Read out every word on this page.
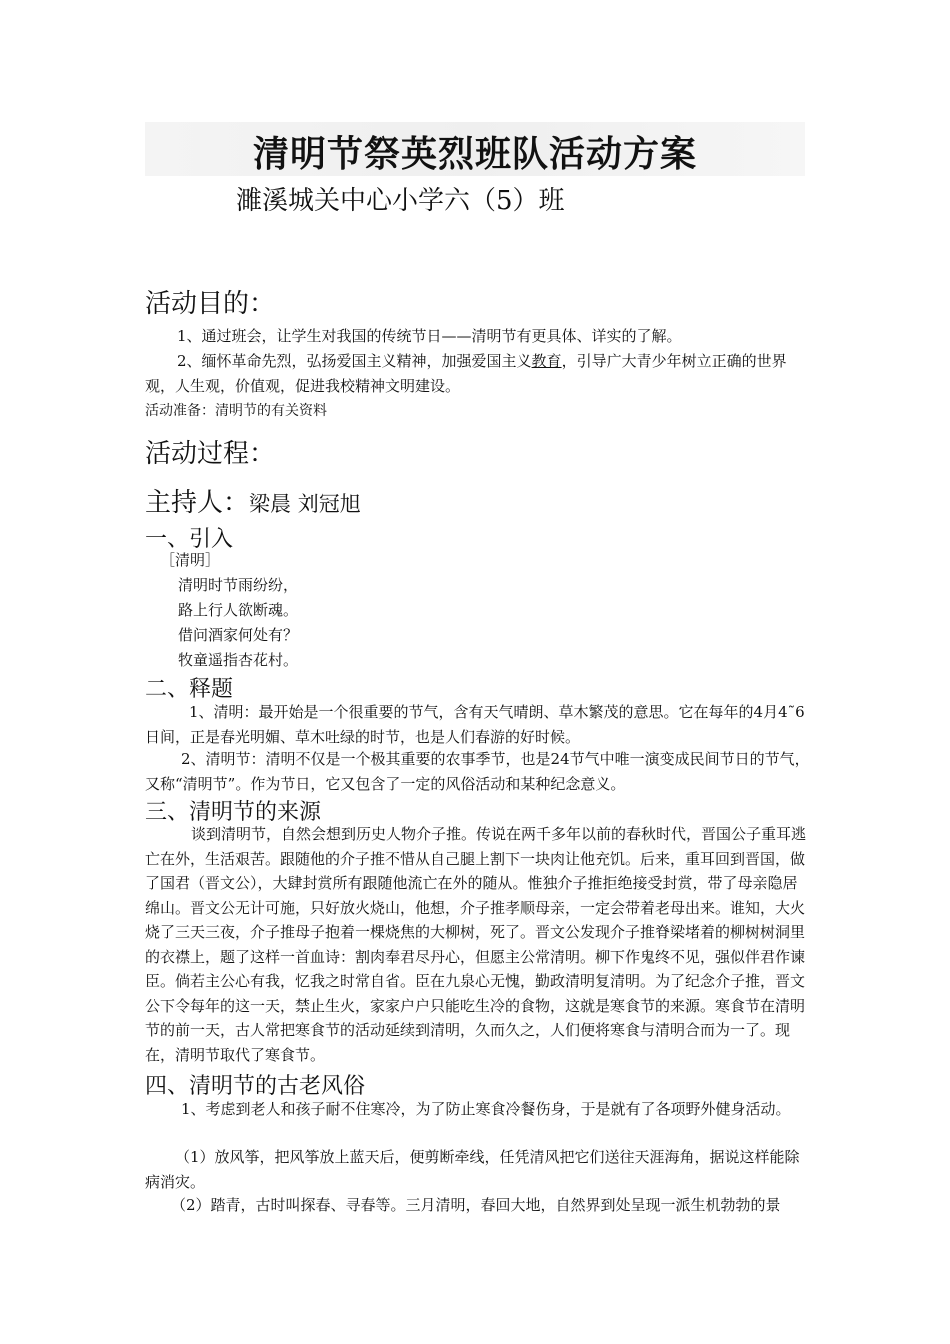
清明节祭英烈班队活动方案
濉溪城关中心小学六（5）班
活动目的：
1、通过班会，让学生对我国的传统节日——清明节有更具体、详实的了解。
2、缅怀革命先烈，弘扬爱国主义精神，加强爱国主义教育，引导广大青少年树立正确的世界观，人生观，价值观，促进我校精神文明建设。
活动准备：清明节的有关资料
活动过程：
主持人：梁晨 刘冠旭
一、引入
［清明］
清明时节雨纷纷，
路上行人欲断魂。
借问酒家何处有？
牧童遥指杏花村。
二、释题
1、清明：最开始是一个很重要的节气，含有天气晴朗、草木繁茂的意思。它在每年的4月4˜6日间，正是春光明媚、草木吐绿的时节，也是人们春游的好时候。
2、清明节：清明不仅是一个极其重要的农事季节，也是24节气中唯一演变成民间节日的节气，又称“清明节”。作为节日，它又包含了一定的风俗活动和某种纪念意义。
三、清明节的来源
谈到清明节，自然会想到历史人物介子推。传说在两千多年以前的春秋时代，晋国公子重耳逃亡在外，生活艰苦。跟随他的介子推不惜从自己腿上割下一块肉让他充饥。后来，重耳回到晋国，做了国君（晋文公），大肆封赏所有跟随他流亡在外的随从。惟独介子推拒绝接受封赏，带了母亲隐居绵山。晋文公无计可施，只好放火烧山，他想，介子推孝顺母亲，一定会带着老母出来。谁知，大火烧了三天三夜，介子推母子抱着一棵烧焦的大柳树，死了。晋文公发现介子推脊梁堵着的柳树树洞里的衣襟上，题了这样一首血诗：割肉奉君尽丹心，但愿主公常清明。柳下作鬼终不见，强似伴君作谏臣。倘若主公心有我，忆我之时常自省。臣在九泉心无愧，勤政清明复清明。为了纪念介子推，晋文公下令每年的这一天，禁止生火，家家户户只能吃生冷的食物，这就是寒食节的来源。寒食节在清明节的前一天，古人常把寒食节的活动延续到清明，久而久之，人们便将寒食与清明合而为一了。现在，清明节取代了寒食节。
四、清明节的古老风俗
1、考虑到老人和孩子耐不住寒冷，为了防止寒食冷餐伤身，于是就有了各项野外健身活动。
（1）放风筝，把风筝放上蓝天后，便剪断牵线，任凭清风把它们送往天涯海角，据说这样能除病消灾。
（2）踏青，古时叫探春、寻春等。三月清明，春回大地，自然界到处呈现一派生机勃勃的景
